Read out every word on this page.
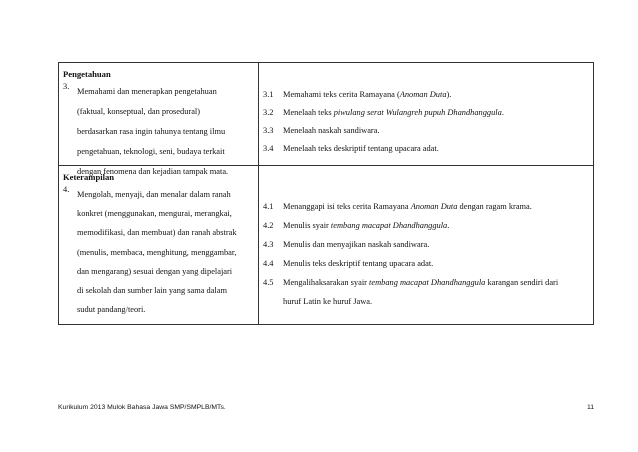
Pengetahuan
3.
Memahami dan menerapkan pengetahuan
(faktual, konseptual, dan prosedural)
berdasarkan rasa ingin tahunya tentang ilmu
pengetahuan, teknologi, seni, budaya terkait
dengan fenomena dan kejadian tampak mata.
3.1	Memahami teks cerita Ramayana (Anoman Duta).
3.2	Menelaah teks piwulang serat Wulangreh pupuh Dhandhanggula.
3.3	Menelaah naskah sandiwara.
3.4	Menelaah teks deskriptif tentang upacara adat.
Keterampilan
4.
Mengolah, menyaji, dan menalar dalam ranah
konkret (menggunakan, mengurai, merangkai,
memodifikasi, dan membuat) dan ranah abstrak
(menulis, membaca, menghitung, menggambar,
dan mengarang) sesuai dengan yang dipelajari
di sekolah dan sumber lain yang sama dalam
sudut pandang/teori.
4.1	Menanggapi isi teks cerita Ramayana Anoman Duta dengan ragam krama.
4.2	Menulis syair tembang macapat Dhandhanggula.
4.3	Menulis dan menyajikan naskah sandiwara.
4.4	Menulis teks deskriptif tentang upacara adat.
4.5	Mengalihaksarakan syair tembang macapat Dhandhanggula karangan sendiri dari
huruf Latin ke huruf Jawa.
Kurikulum 2013 Mulok Bahasa Jawa SMP/SMPLB/MTs.	11
